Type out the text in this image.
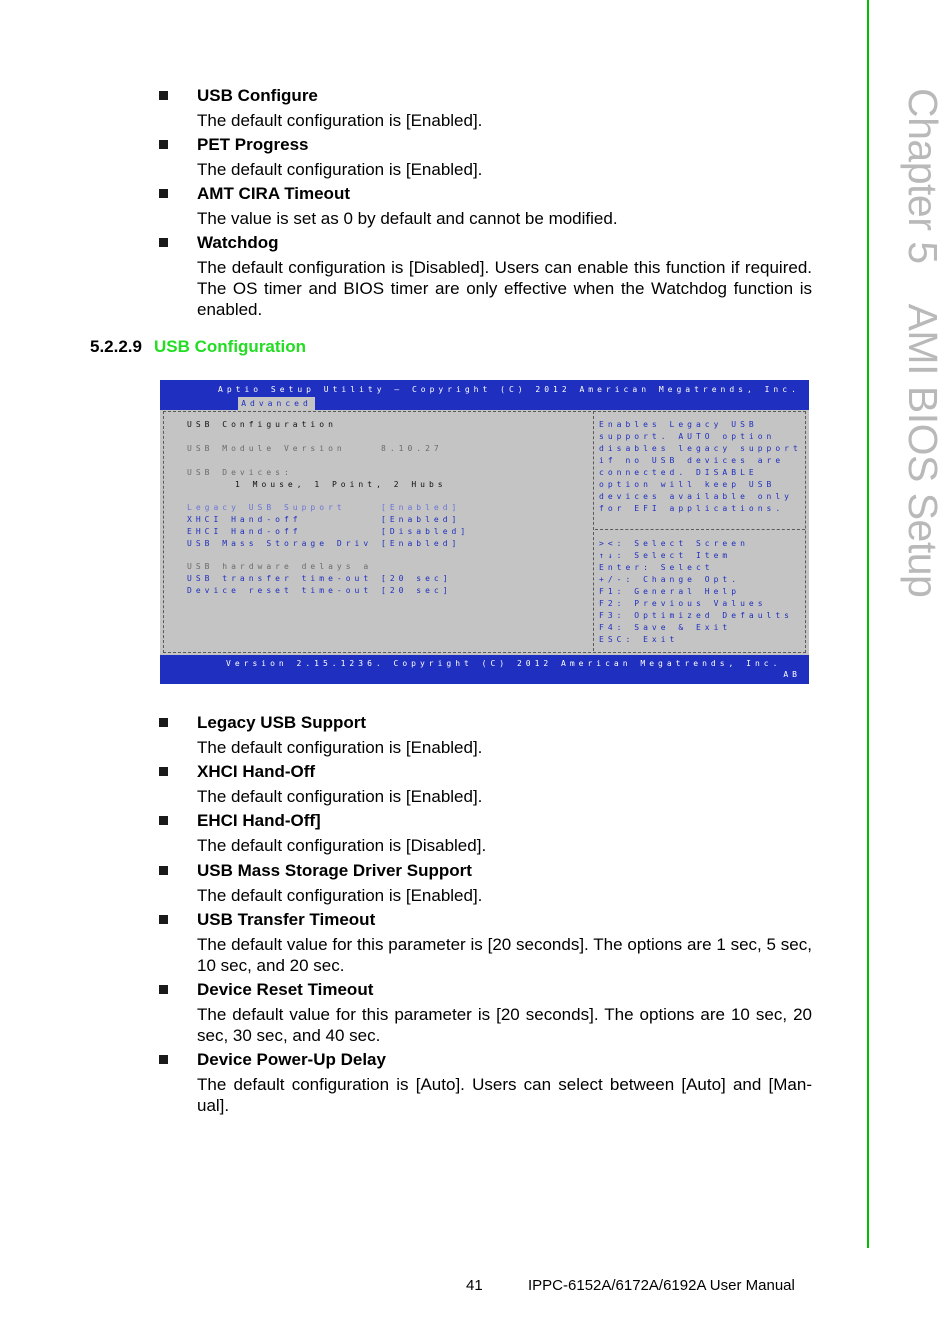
Chapter 5AMI BIOS Setup
USB Configure
The default configuration is [Enabled].
PET Progress
The default configuration is [Enabled].
AMT CIRA Timeout
The value is set as 0 by default and cannot be modified.
Watchdog
The default configuration is [Disabled]. Users can enable this function if required. The OS timer and BIOS timer are only effective when the Watchdog function is enabled.
5.2.2.9 USB Configuration
Aptio Setup Utility – Copyright (C) 2012 American Megatrends, Inc.
Advanced
USB Configuration
USB Module Version	8.10.27
USB Devices:
1 Mouse, 1 Point, 2 Hubs
Legacy USB Support	[Enabled]
XHCI Hand-off	[Enabled]
EHCI Hand-off	[Disabled]
USB Mass Storage Driv [Enabled]
USB hardware delays a
USB transfer time-out [20 sec]
Device reset time-out [20 sec]
Enables Legacy USB
support. AUTO option
disables legacy support
if no USB devices are
connected. DISABLE
option will keep USB
devices available only
for EFI applications.
><: Select Screen
↑↓: Select Item
Enter: Select
+/-: Change Opt.
F1: General Help
F2: Previous Values
F3: Optimized Defaults
F4: Save & Exit
ESC: Exit
Version 2.15.1236. Copyright (C) 2012 American Megatrends, Inc.
AB
Legacy USB Support
The default configuration is [Enabled].
XHCI Hand-Off
The default configuration is [Enabled].
EHCI Hand-Off]
The default configuration is [Disabled].
USB Mass Storage Driver Support
The default configuration is [Enabled].
USB Transfer Timeout
The default value for this parameter is [20 seconds]. The options are 1 sec, 5 sec, 10 sec, and 20 sec.
Device Reset Timeout
The default value for this parameter is [20 seconds]. The options are 10 sec, 20 sec, 30 sec, and 40 sec.
Device Power-Up Delay
The default configuration is [Auto]. Users can select between [Auto] and [Man-ual].
41	IPPC-6152A/6172A/6192A User Manual
